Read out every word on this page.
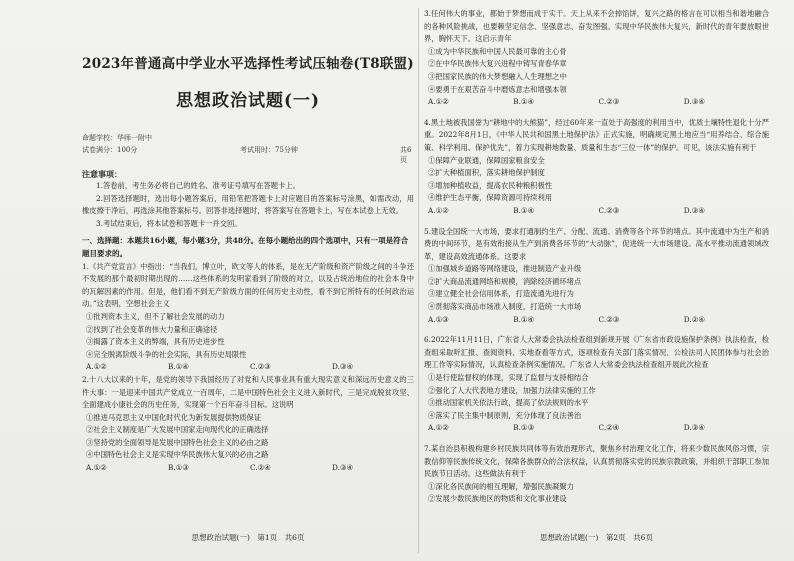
2023年普通高中学业水平选择性考试压轴卷(T8联盟)
思想政治试题(一)
命题学校：华师一附中
试卷满分：100分	考试用时：75分钟	共6页
注意事项：

1.答卷前，考生务必将自己的姓名、准考证号填写在答题卡上。

2.回答选择题时，选出每小题答案后，用铅笔把答题卡上对应题目的答案标号涂黑，如需改动，用橡皮擦干净后，再选涂其他答案标号。回答非选择题时，将答案写在答题卡上，写在本试卷上无效。

3.考试结束后，将本试卷和答题卡一并交回。

一、选择题：本题共16小题，每小题3分，共48分。在每小题给出的四个选项中，只有一项是符合题目要求的。

1.《共产党宣言》中指出：“当我们，博立叶，欧文等人的体系，是在无产阶级和资产阶级之间的斗争还不发展的那个最初时期出现的……这些体系的发明家看到了阶级的对立，以及占统治地位的社会本身中的瓦解因素的作用。但是，他们看不到无产阶级方面的任何历史主动性，看不到它所特有的任何政治运动。”这表明，空想社会主义

①批判资本主义，但不了解社会发展的动力

②找到了社会变革的伟大力量和正确途径

③揭露了资本主义的弊端，具有历史进步性

④完全脱离阶级斗争的社会实际，具有历史局限性

A.①②	B.①④	C.②③	D.③④

2.十八大以来的十年，是党的领导下我国经历了对党和人民事业具有重大现实意义和深远历史意义的三件大事：一是迎来中国共产党成立一百周年，二是中国特色社会主义进入新时代，三是完成脱贫攻坚、全面建成小康社会的历史任务，实现第一个百年奋斗目标。这说明

①推进马克思主义中国化时代化为新发展提供物质保证

②社会主义制度是广大发展中国家走向现代化的正确选择

③坚持党的全面领导是发展中国特色社会主义的必由之路

④中国特色社会主义是实现中华民族伟大复兴的必由之路

A.①②	B.①③	C.②④	D.③④
思想政治试题(一)　第1页　共6页

3.任何伟大的事业，都始于梦想而成于实干。天上从来不会掉馅饼，复兴之路的格言在可以相当和谐地融合的各种风险挑战，也要赖坚定信念、坚强意志、奋发图强。实现中华民族伟大复兴，新时代的青年要放眼世界，胸怀天下。这启示青年

①成为中华民族和中国人民最可靠的主心骨

②在中华民族伟大复兴进程中铸写青春华章

③把国家民族的伟大梦想融入人生理想之中

④要勇于在艰苦奋斗中磨炼意志和增强本领

A.①②	B.①④	C.②③	D.③④

4.黑土地被我国誉为“耕地中的大熊猫”，经过60年来一直处于高强度的利用当中，优质土壤特性退化十分严重。2022年8月1日，《中华人民共和国黑土地保护法》正式实施，明确规定黑土地应当“用养结合、综合施策、科学利用、保护优先”，着力实现耕地数量、质量和生态“三位一体”的保护。可见，该法实施有利于

①保障产业联通，保障国家粮食安全

②扩大种植面积，落实耕地保护制度

③增加种植收益，提高农民种粮积极性

④维护生态平衡，保障资源可持续利用

A.①②	B.①④	C.②③	D.③④

5.建设全国统一大市场，要求打通制约生产、分配、流通、消费等各个环节的堵点。其中流通中为生产和消费的中间环节，是有效衔接从生产到消费各环节的“大动脉”，促进统一大市场建设。高水平推动流通领域改革，建设高效流通体系。这要求

①加强城乡道路等网络建设，推进制造产业升级

②扩大商品流通网络和规模，消除经济循环堵点

③建立健全社会信用体系，打造流通先进行为

④贯彻落实商品市场准入制度，打造统一大市场

A.①③	B.①④	C.②③	D.②④

6.2022年11月11日，广东省人大常委会执法检查组到新规开展《广东省市政设施保护条例》执法检查，检查组采取听汇报、查阅资料、实地查看等方式，逐项检查有关部门落实情况、公检法司人民团体参与社会治理工作等实际情况，认真检查条例实施情况。广东省人大常委会执法检查组开展此次检查

①是行使监督权的体现，实现了监督与支持相结合

②强化了人大代表地方建设，加强力法律实施的工作

③推动国家机关依法行政，提高了依法规则的水平

④落实了民主集中制原则，充分体现了良法善治

A.①②	B.①③	C.②④	D.③④

7.某自治县积极构建乡村民族共同体等有效治理形式，聚焦乡村治理文化工作，将来少数民族风俗习惯，宗教信仰等民族传统文化，保障各族群众的合法权益，认真贯彻落实党的民族宗教政策，并组织干部职工参加民族节日活动。这些做法有利于

①深化各民族间的相互理解，增强民族凝聚力

②发展少数民族地区的物质和文化事业建设

思想政治试题(一)　第2页　共6页
